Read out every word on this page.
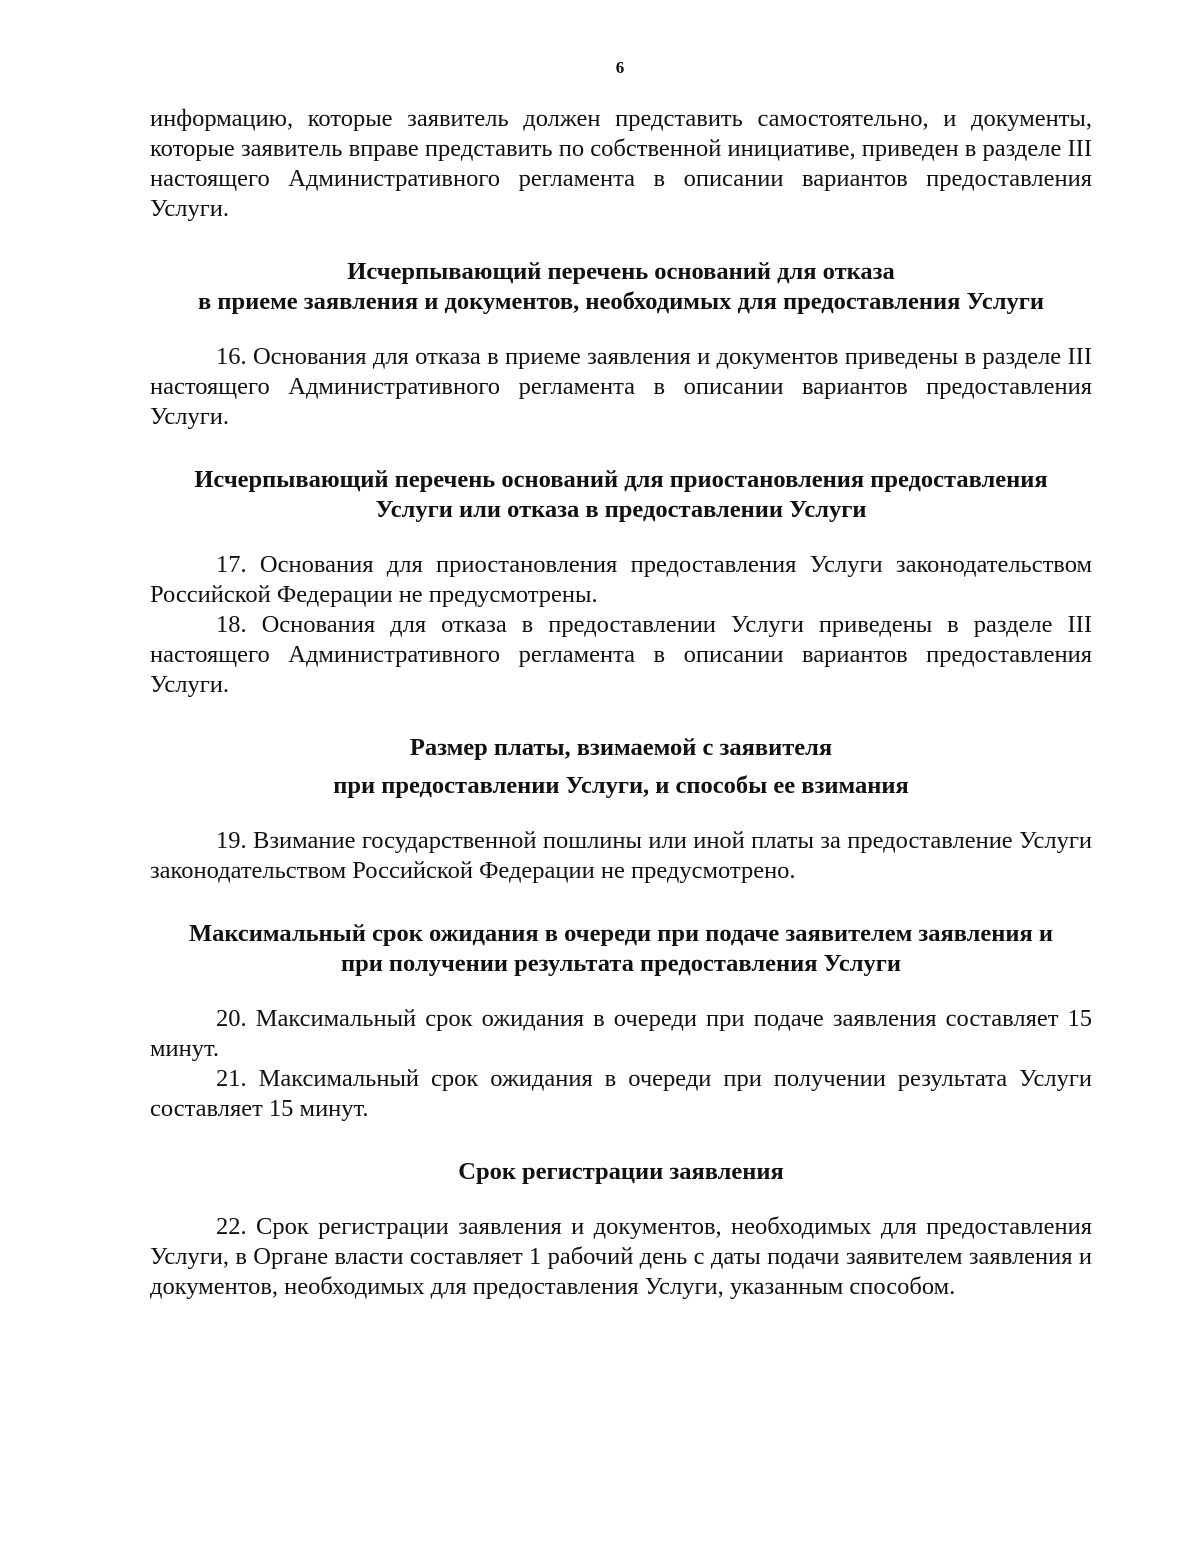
6

информацию, которые заявитель должен представить самостоятельно, и документы, которые заявитель вправе представить по собственной инициативе, приведен в разделе III настоящего Административного регламента в описании вариантов предоставления Услуги.

Исчерпывающий перечень оснований для отказа
в приеме заявления и документов, необходимых для предоставления Услуги

16. Основания для отказа в приеме заявления и документов приведены в разделе III настоящего Административного регламента в описании вариантов предоставления Услуги.

Исчерпывающий перечень оснований для приостановления предоставления
Услуги или отказа в предоставлении Услуги

17. Основания для приостановления предоставления Услуги законодательством Российской Федерации не предусмотрены.

18. Основания для отказа в предоставлении Услуги приведены в разделе III настоящего Административного регламента в описании вариантов предоставления Услуги.

Размер платы, взимаемой с заявителя
при предоставлении Услуги, и способы ее взимания

19. Взимание государственной пошлины или иной платы за предоставление Услуги законодательством Российской Федерации не предусмотрено.

Максимальный срок ожидания в очереди при подаче заявителем заявления и
при получении результата предоставления Услуги

20. Максимальный срок ожидания в очереди при подаче заявления составляет 15 минут.

21. Максимальный срок ожидания в очереди при получении результата Услуги составляет 15 минут.

Срок регистрации заявления

22. Срок регистрации заявления и документов, необходимых для предоставления Услуги, в Органе власти составляет 1 рабочий день с даты подачи заявителем заявления и документов, необходимых для предоставления Услуги, указанным способом.
